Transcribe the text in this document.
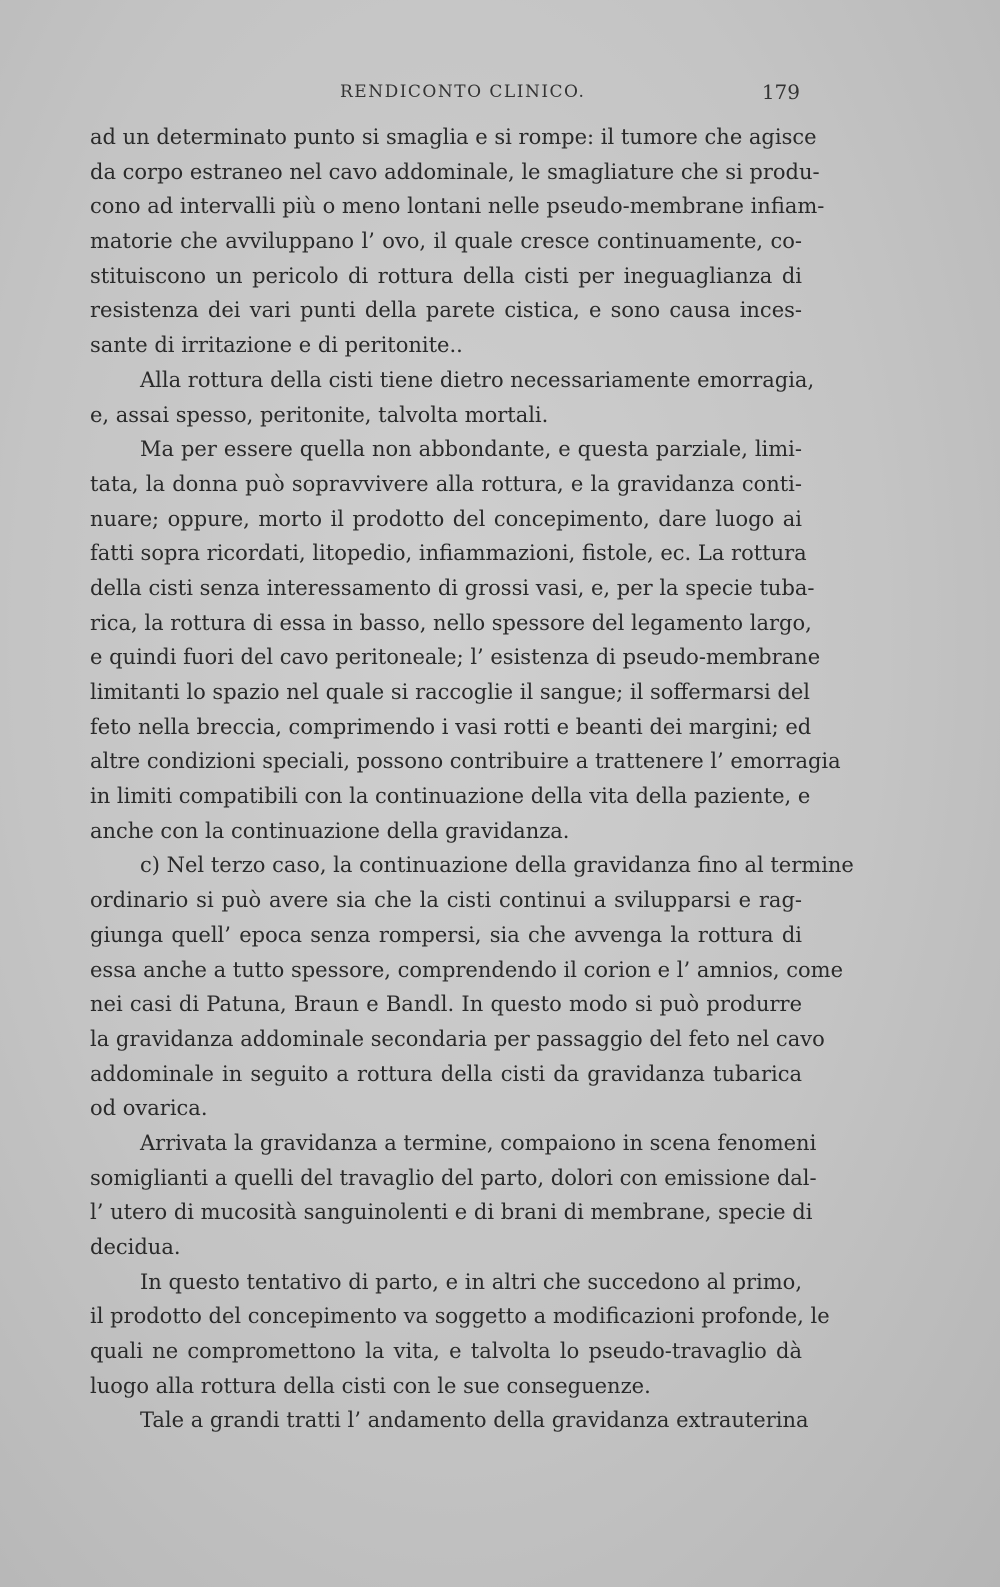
RENDICONTO CLINICO.	179
ad un determinato punto si smaglia e si rompe: il tumore che agisce
da corpo estraneo nel cavo addominale, le smagliature che si produ-
cono ad intervalli più o meno lontani nelle pseudo-membrane infiam-
matorie che avviluppano l’ ovo, il quale cresce continuamente, co-
stituiscono un pericolo di rottura della cisti per ineguaglianza di
resistenza dei vari punti della parete cistica, e sono causa inces-
sante di irritazione e di peritonite..
Alla rottura della cisti tiene dietro necessariamente emorragia,
e, assai spesso, peritonite, talvolta mortali.
Ma per essere quella non abbondante, e questa parziale, limi-
tata, la donna può sopravvivere alla rottura, e la gravidanza conti-
nuare; oppure, morto il prodotto del concepimento, dare luogo ai
fatti sopra ricordati, litopedio, infiammazioni, fistole, ec. La rottura
della cisti senza interessamento di grossi vasi, e, per la specie tuba-
rica, la rottura di essa in basso, nello spessore del legamento largo,
e quindi fuori del cavo peritoneale; l’ esistenza di pseudo-membrane
limitanti lo spazio nel quale si raccoglie il sangue; il soffermarsi del
feto nella breccia, comprimendo i vasi rotti e beanti dei margini; ed
altre condizioni speciali, possono contribuire a trattenere l’ emorragia
in limiti compatibili con la continuazione della vita della paziente, e
anche con la continuazione della gravidanza.
c) Nel terzo caso, la continuazione della gravidanza fino al termine
ordinario si può avere sia che la cisti continui a svilupparsi e rag-
giunga quell’ epoca senza rompersi, sia che avvenga la rottura di
essa anche a tutto spessore, comprendendo il corion e l’ amnios, come
nei casi di Patuna, Braun e Bandl. In questo modo si può produrre
la gravidanza addominale secondaria per passaggio del feto nel cavo
addominale in seguito a rottura della cisti da gravidanza tubarica
od ovarica.
Arrivata la gravidanza a termine, compaiono in scena fenomeni
somiglianti a quelli del travaglio del parto, dolori con emissione dal-
l’ utero di mucosità sanguinolenti e di brani di membrane, specie di
decidua.
In questo tentativo di parto, e in altri che succedono al primo,
il prodotto del concepimento va soggetto a modificazioni profonde, le
quali ne compromettono la vita, e talvolta lo pseudo-travaglio dà
luogo alla rottura della cisti con le sue conseguenze.
Tale a grandi tratti l’ andamento della gravidanza extrauterina
